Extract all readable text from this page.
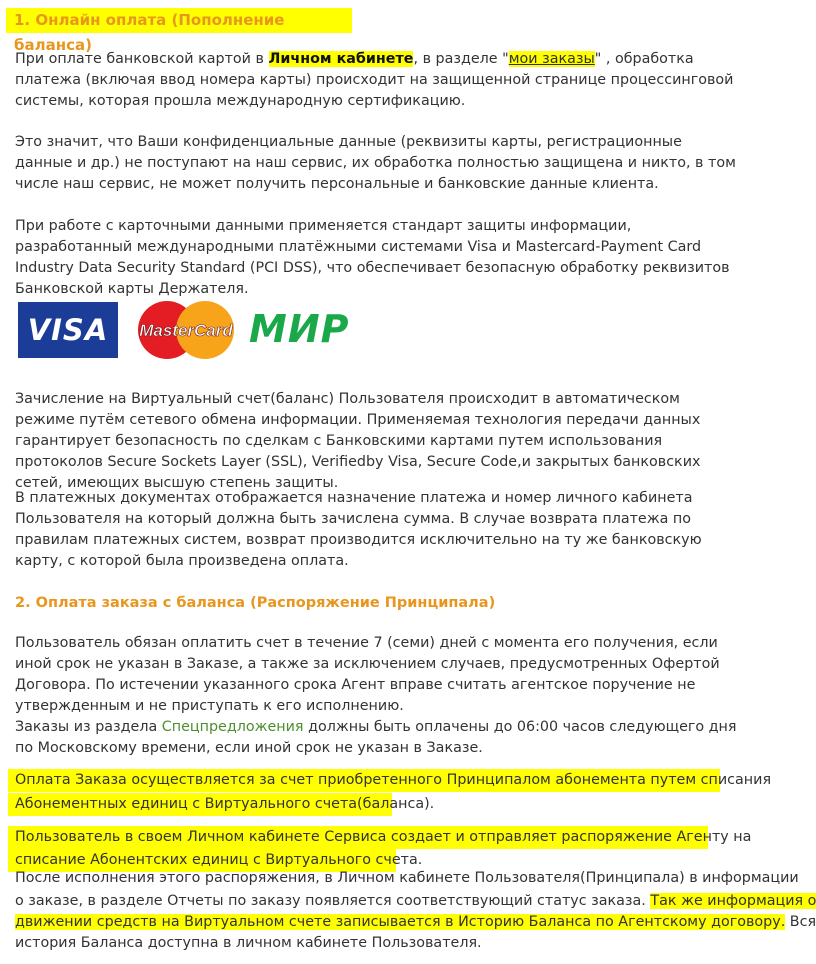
1. Онлайн оплата (Пополнение баланса)

При оплате банковской картой в Личном кабинете, в разделе "мои заказы" , обработка платежа (включая ввод номера карты) происходит на защищенной странице процессинговой системы, которая прошла международную сертификацию.

Это значит, что Ваши конфиденциальные данные (реквизиты карты, регистрационные данные и др.) не поступают на наш сервис, их обработка полностью защищена и никто, в том числе наш сервис, не может получить персональные и банковские данные клиента.

При работе с карточными данными применяется стандарт защиты информации, разработанный международными платёжными системами Visa и Mastercard-Payment Card Industry Data Security Standard (PCI DSS), что обеспечивает безопасную обработку реквизитов Банковской карты Держателя.

VISA	MasterCard МИР

Зачисление на Виртуальный счет(баланс) Пользователя происходит в автоматическом режиме путём сетевого обмена информации. Применяемая технология передачи данных гарантирует безопасность по сделкам с Банковскими картами путем использования протоколов Secure Sockets Layer (SSL), Verifiedby Visa, Secure Code,и закрытых банковских сетей, имеющих высшую степень защиты.

В платежных документах отображается назначение платежа и номер личного кабинета Пользователя на который должна быть зачислена сумма. В случае возврата платежа по правилам платежных систем, возврат производится исключительно на ту же банковскую карту, с которой была произведена оплата.

2. Оплата заказа с баланса (Распоряжение Принципала)

Пользователь обязан оплатить счет в течение 7 (семи) дней с момента его получения, если иной срок не указан в Заказе, а также за исключением случаев, предусмотренных Офертой Договора. По истечении указанного срока Агент вправе считать агентское поручение не утвержденным и не приступать к его исполнению.

Заказы из раздела Спецпредложения должны быть оплачены до 06:00 часов следующего дня по Московскому времени, если иной срок не указан в Заказе.

Оплата Заказа осуществляется за счет приобретенного Принципалом абонемента путем списания
Абонементных единиц с Виртуального счета(баланса).
Пользователь в своем Личном кабинете Сервиса создает и отправляет распоряжение Агенту на
списание Абонентских единиц с Виртуального счета.
После исполнения этого распоряжения, в Личном кабинете Пользователя(Принципала) в информации
о заказе, в разделе Отчеты по заказу появляется соответствующий статус заказа. Так же информация о
движении средств на Виртуальном счете записывается в Историю Баланса по Агентскому договору. Вся
история Баланса доступна в личном кабинете Пользователя.
